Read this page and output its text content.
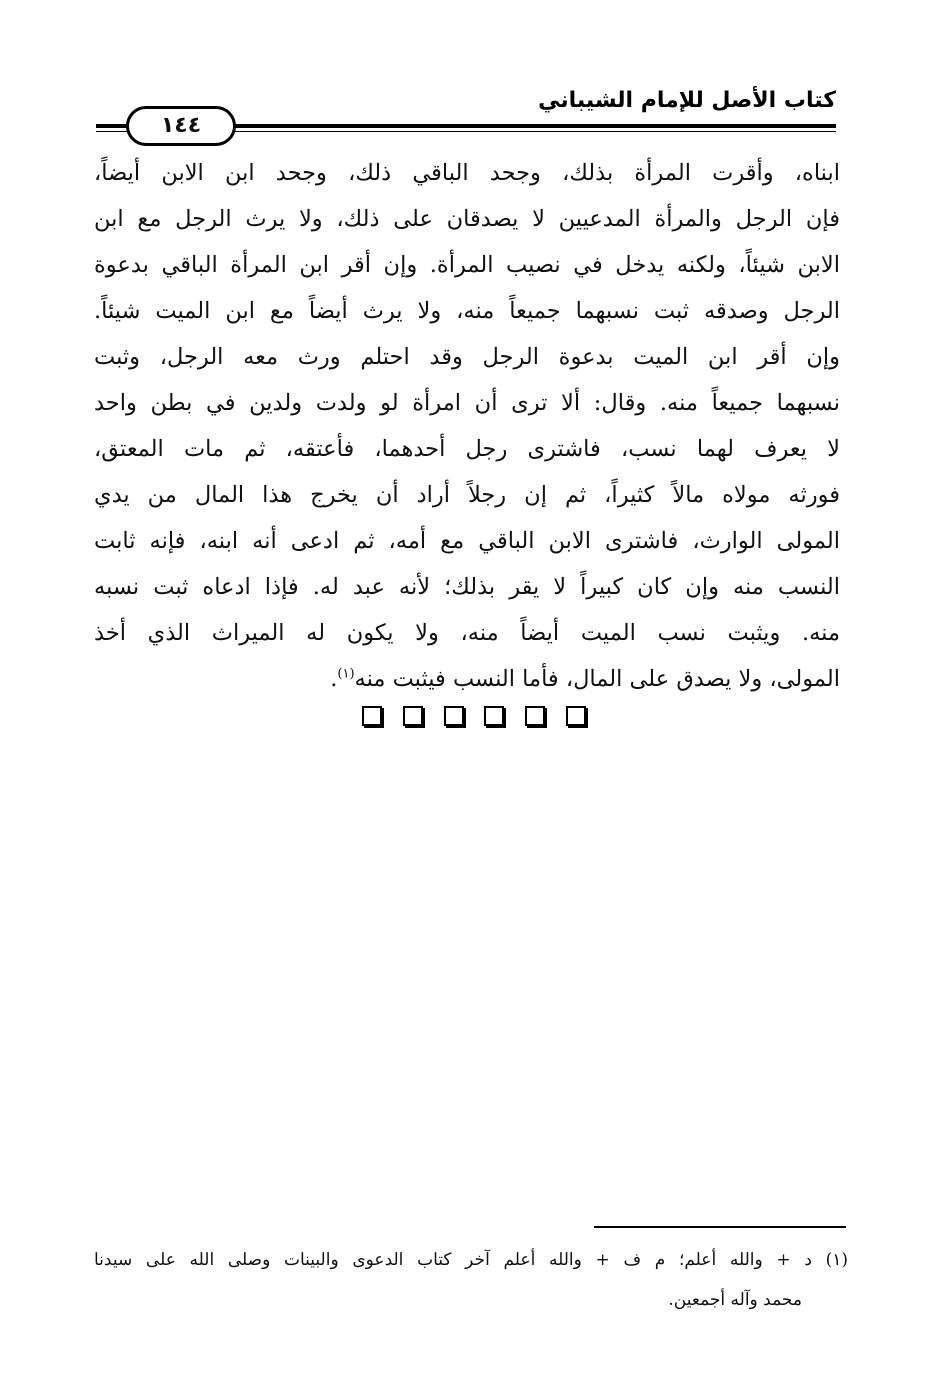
كتاب الأصل للإمام الشيباني
١٤٤
ابناه، وأقرت المرأة بذلك، وجحد الباقي ذلك، وجحد ابن الابن أيضاً،
فإن الرجل والمرأة المدعيين لا يصدقان على ذلك، ولا يرث الرجل مع ابن
الابن شيئاً، ولكنه يدخل في نصيب المرأة. وإن أقر ابن المرأة الباقي بدعوة
الرجل وصدقه ثبت نسبهما جميعاً منه، ولا يرث أيضاً مع ابن الميت شيئاً.
وإن أقر ابن الميت بدعوة الرجل وقد احتلم ورث معه الرجل، وثبت
نسبهما جميعاً منه. وقال: ألا ترى أن امرأة لو ولدت ولدين في بطن واحد
لا يعرف لهما نسب، فاشترى رجل أحدهما، فأعتقه، ثم مات المعتق،
فورثه مولاه مالاً كثيراً، ثم إن رجلاً أراد أن يخرج هذا المال من يدي
المولى الوارث، فاشترى الابن الباقي مع أمه، ثم ادعى أنه ابنه، فإنه ثابت
النسب منه وإن كان كبيراً لا يقر بذلك؛ لأنه عبد له. فإذا ادعاه ثبت نسبه
منه. ويثبت نسب الميت أيضاً منه، ولا يكون له الميراث الذي أخذ
المولى، ولا يصدق على المال، فأما النسب فيثبت منه$^{(١)}$.
(١) د + والله أعلم؛ م ف + والله أعلم آخر كتاب الدعوى والبينات وصلى الله على سيدنا
محمد وآله أجمعين.
